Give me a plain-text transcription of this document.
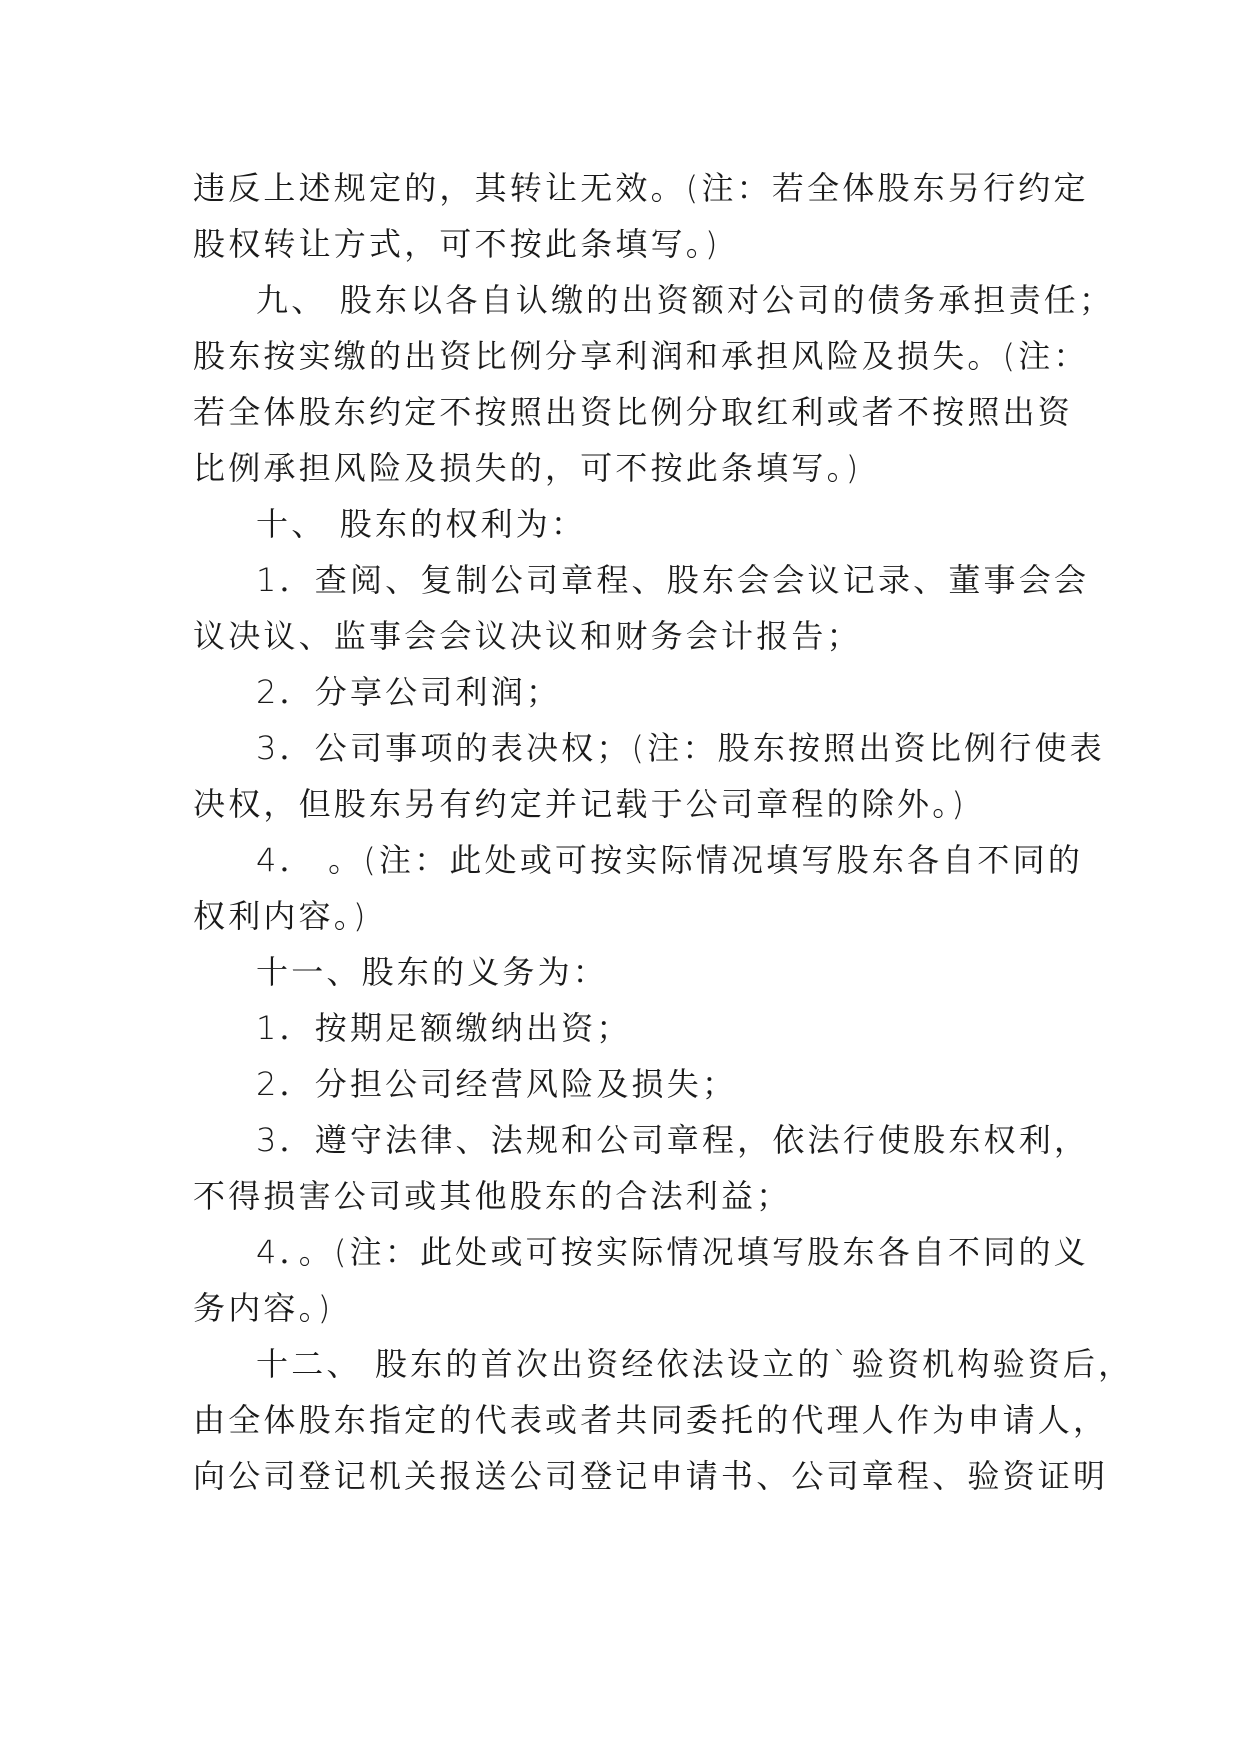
违反上述规定的，其转让无效。(注：若全体股东另行约定
股权转让方式，可不按此条填写。)
九、 股东以各自认缴的出资额对公司的债务承担责任；
股东按实缴的出资比例分享利润和承担风险及损失。(注：
若全体股东约定不按照出资比例分取红利或者不按照出资
比例承担风险及损失的，可不按此条填写。)
十、 股东的权利为：
1．查阅、复制公司章程、股东会会议记录、董事会会
议决议、监事会会议决议和财务会计报告；
2．分享公司利润；
3．公司事项的表决权；(注：股东按照出资比例行使表
决权，但股东另有约定并记载于公司章程的除外。)
4． 。(注：此处或可按实际情况填写股东各自不同的
权利内容。)
十一、股东的义务为：
1．按期足额缴纳出资；
2．分担公司经营风险及损失；
3．遵守法律、法规和公司章程，依法行使股东权利，
不得损害公司或其他股东的合法利益；
4．。(注：此处或可按实际情况填写股东各自不同的义
务内容。)
十二、 股东的首次出资经依法设立的`验资机构验资后，
由全体股东指定的代表或者共同委托的代理人作为申请人，
向公司登记机关报送公司登记申请书、公司章程、验资证明
